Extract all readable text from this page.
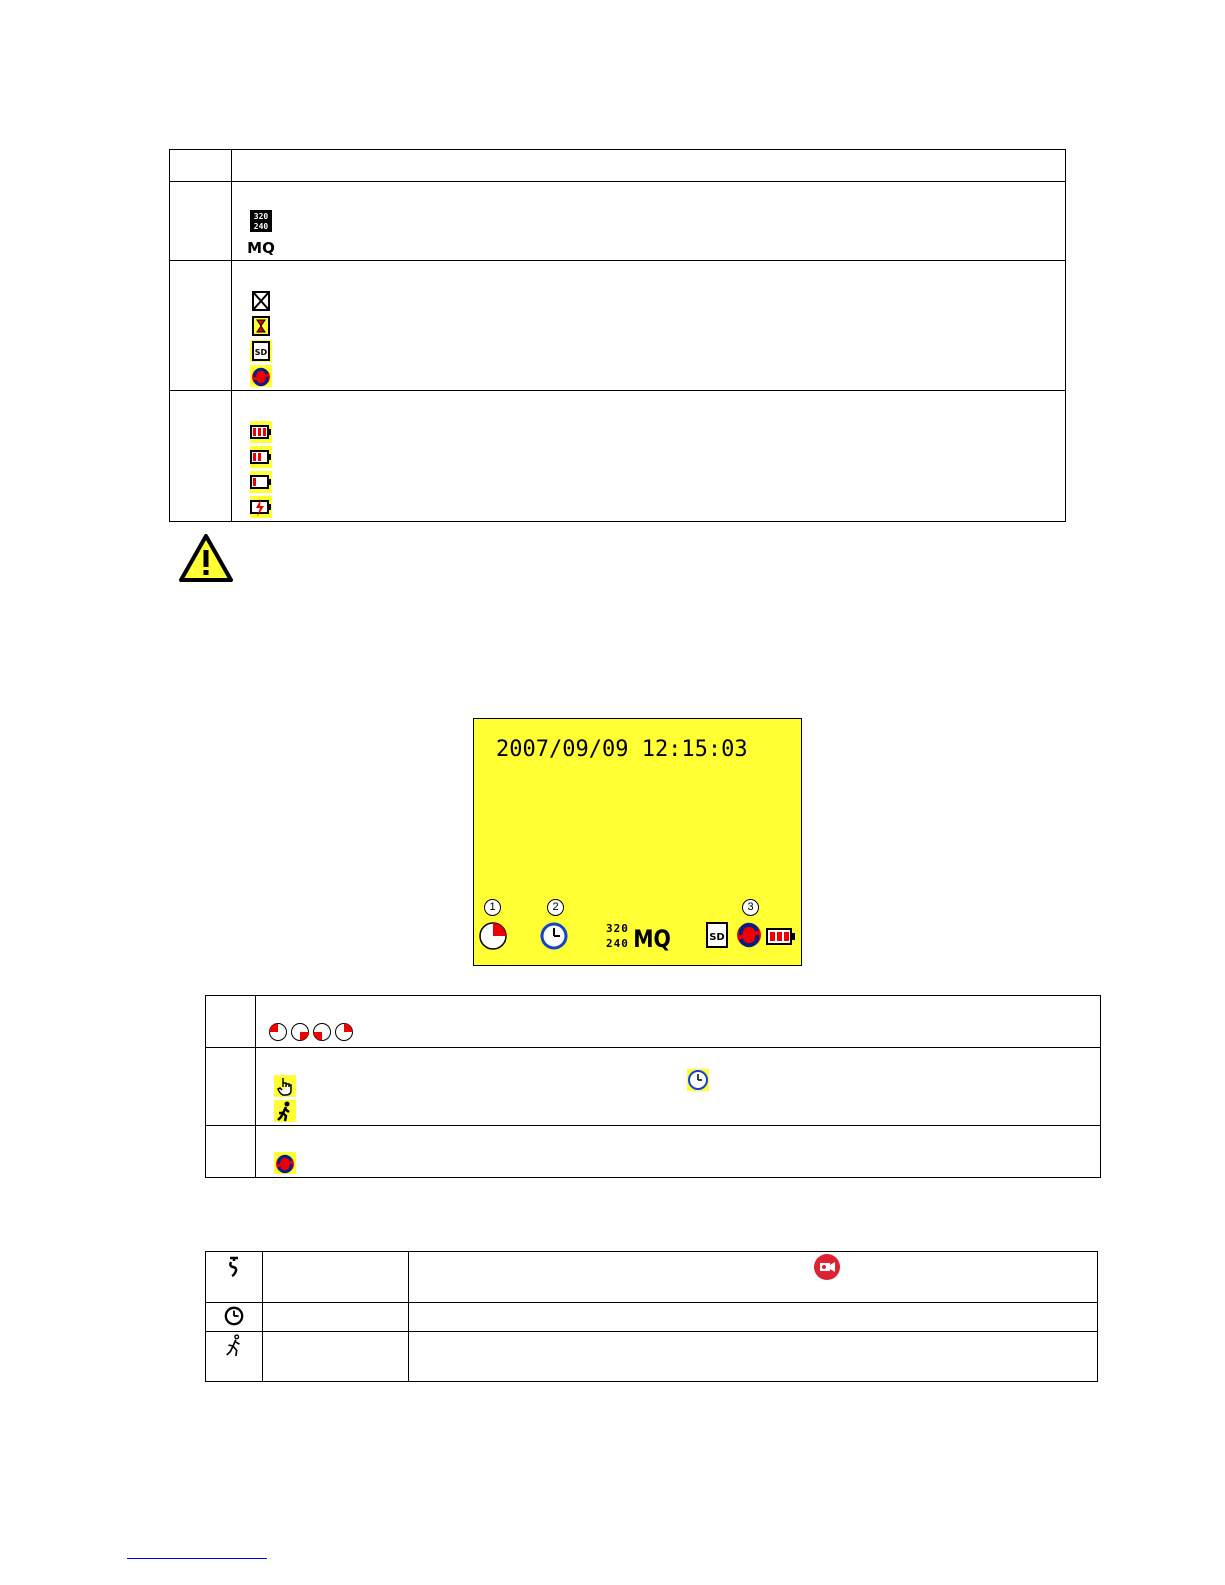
320
240
MQ

SD

2007/09/09 12:15:03
1	2	3
320
240 MQ	SD
